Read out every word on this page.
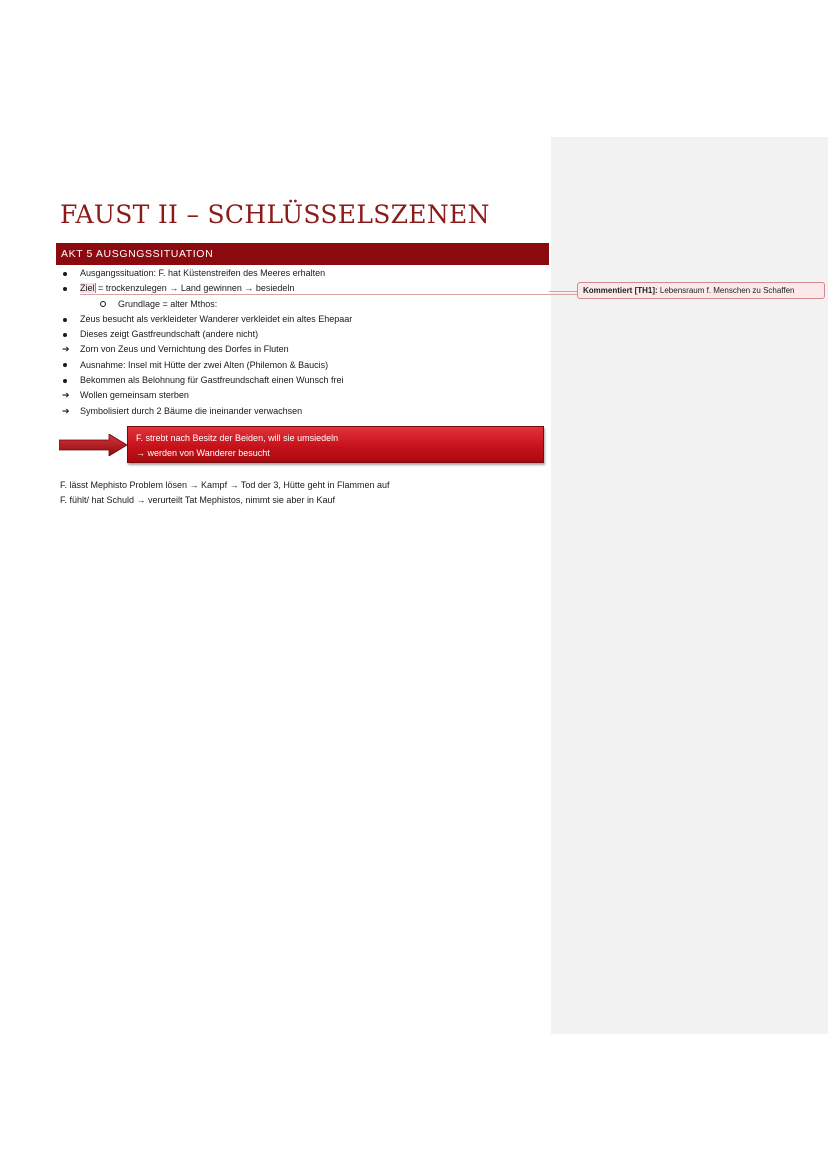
FAUST II – SCHLÜSSELSZENEN
AKT 5 AUSGNGSSITUATION
Ausgangssituation: F. hat Küstenstreifen des Meeres erhalten
Ziel = trockenzulegen → Land gewinnen → besiedeln
Grundlage = alter Mthos:
Zeus besucht als verkleideter Wanderer verkleidet ein altes Ehepaar
Dieses zeigt Gastfreundschaft (andere nicht)
➔	Zorn von Zeus und Vernichtung des Dorfes in Fluten
Ausnahme: Insel mit Hütte der zwei Alten (Philemon & Baucis)
Bekommen als Belohnung für Gastfreundschaft einen Wunsch frei
➔	Wollen gemeinsam sterben
➔	Symbolisiert durch 2 Bäume die ineinander verwachsen
Kommentiert [TH1]: Lebensraum f. Menschen zu Schaffen
F. strebt nach Besitz der Beiden, will sie umsiedeln
→ werden von Wanderer besucht

F. lässt Mephisto Problem lösen → Kampf → Tod der 3, Hütte geht in Flammen auf

F. fühlt/ hat Schuld → verurteilt Tat Mephistos, nimmt sie aber in Kauf
